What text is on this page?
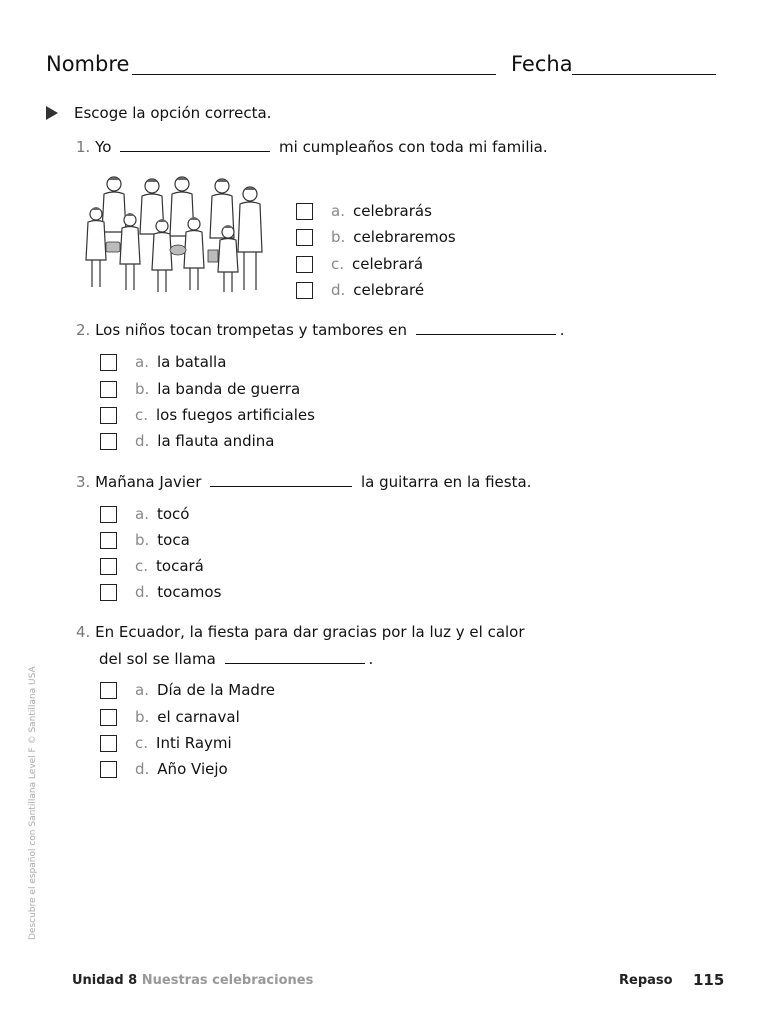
Nombre	Fecha
Escoge la opción correcta.
1. Yo	mi cumpleaños con toda mi familia.
a. celebrarás
b. celebraremos
c. celebrará
d. celebraré
2. Los niños tocan trompetas y tambores en	.
a. la batalla
b. la banda de guerra
c. los fuegos artificiales
d. la flauta andina
3. Mañana Javier	la guitarra en la fiesta.
a. tocó
b. toca
c. tocará
d. tocamos
4. En Ecuador, la fiesta para dar gracias por la luz y el calor
del sol se llama	.
a. Día de la Madre
b. el carnaval
c. Inti Raymi
d. Año Viejo
Descubre el español con Santillana Level F © Santillana USA
Unidad 8 Nuestras celebraciones	Repaso 115
